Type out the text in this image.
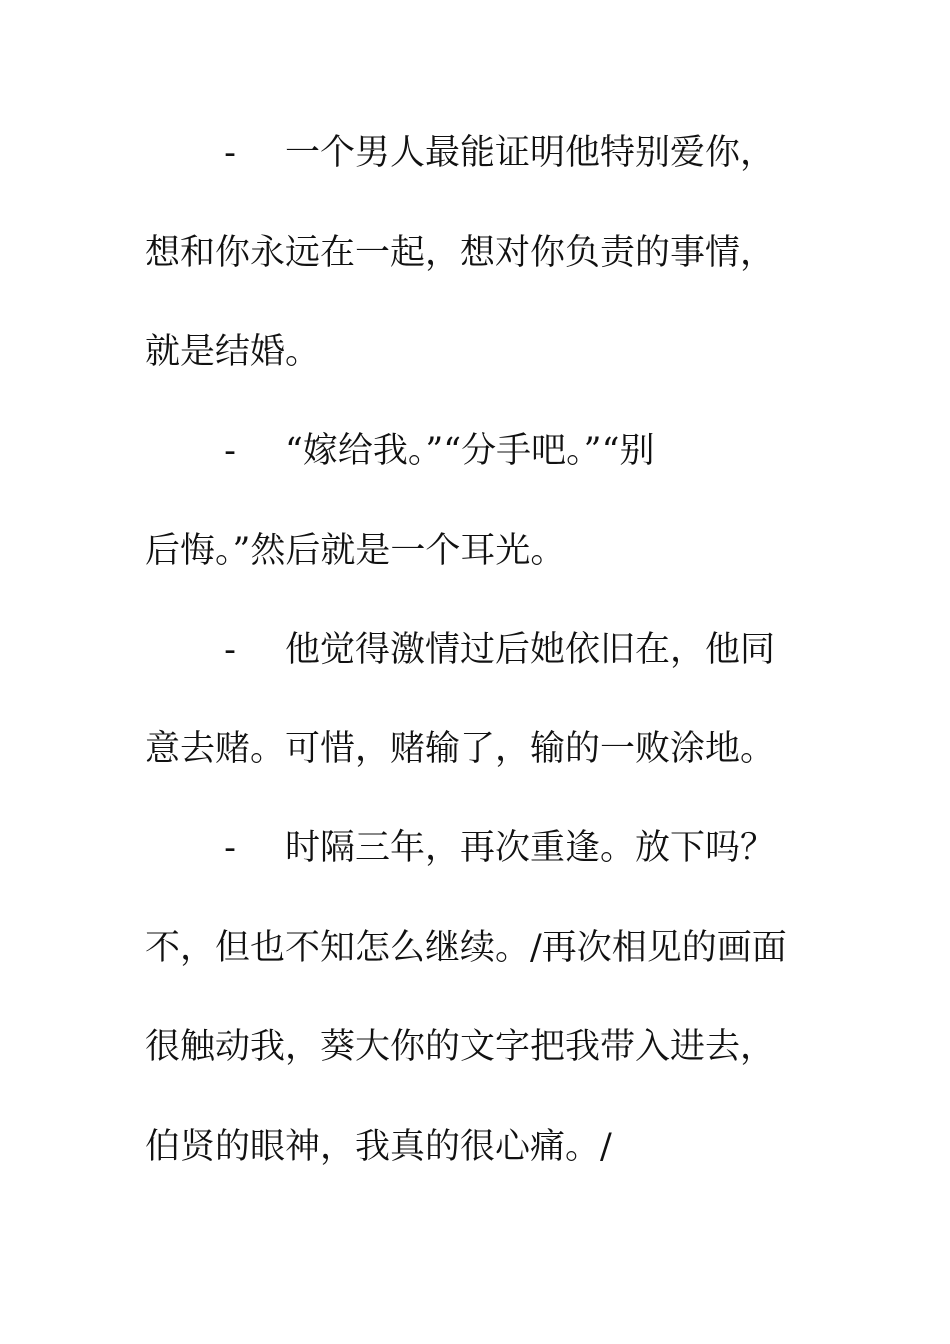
- 一个男人最能证明他特别爱你，
想和你永远在一起，想对你负责的事情，
就是结婚。
- “嫁给我。”“分手吧。”“别
后悔。”然后就是一个耳光。
- 他觉得激情过后她依旧在，他同
意去赌。可惜，赌输了，输的一败涂地。
- 时隔三年，再次重逢。放下吗？
不，但也不知怎么继续。/再次相见的画面
很触动我，葵大你的文字把我带入进去，
伯贤的眼神，我真的很心痛。/
